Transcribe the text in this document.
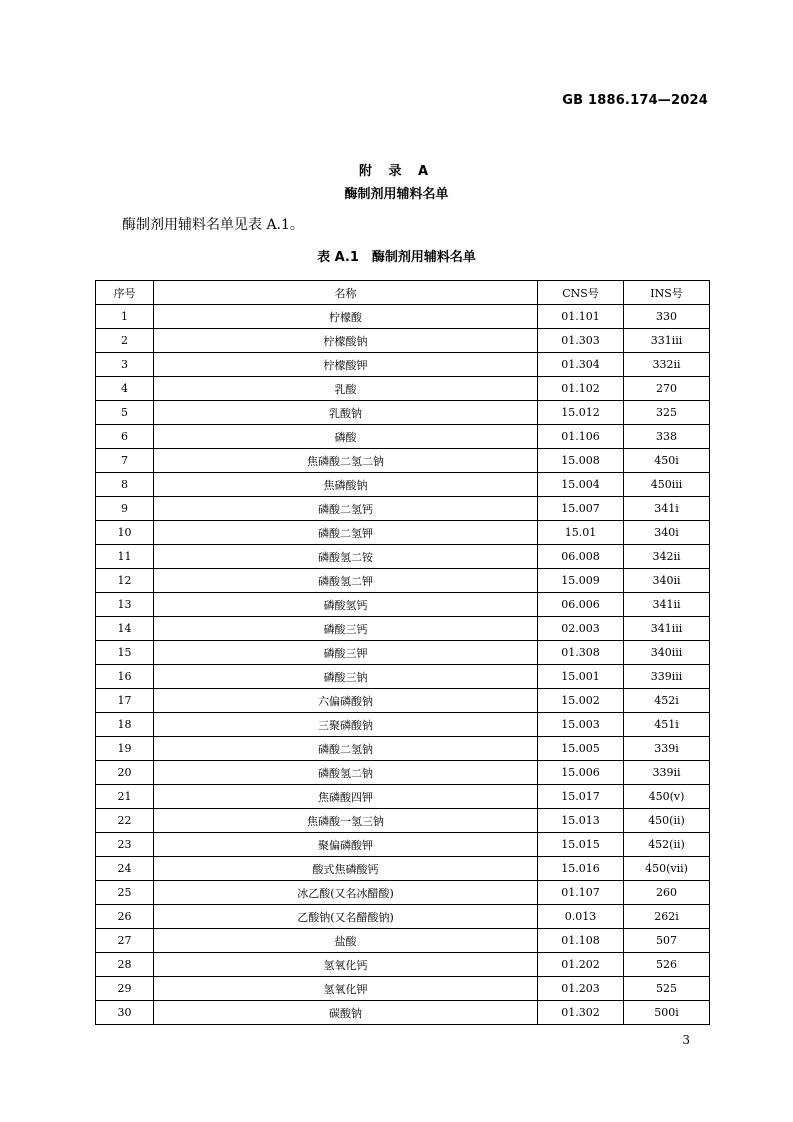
GB 1886.174—2024
附 录 A
酶制剂用辅料名单
酶制剂用辅料名单见表 A.1。
表 A.1　酶制剂用辅料名单
序号	名称	CNS号	INS号
1	柠檬酸	01.101	330
2	柠檬酸钠	01.303	331iii
3	柠檬酸钾	01.304	332ii
4	乳酸	01.102	270
5	乳酸钠	15.012	325
6	磷酸	01.106	338
7	焦磷酸二氢二钠	15.008	450i
8	焦磷酸钠	15.004	450iii
9	磷酸二氢钙	15.007	341i
10	磷酸二氢钾	15.01	340i
11	磷酸氢二铵	06.008	342ii
12	磷酸氢二钾	15.009	340ii
13	磷酸氢钙	06.006	341ii
14	磷酸三钙	02.003	341iii
15	磷酸三钾	01.308	340iii
16	磷酸三钠	15.001	339iii
17	六偏磷酸钠	15.002	452i
18	三聚磷酸钠	15.003	451i
19	磷酸二氢钠	15.005	339i
20	磷酸氢二钠	15.006	339ii
21	焦磷酸四钾	15.017	450(v)
22	焦磷酸一氢三钠	15.013	450(ii)
23	聚偏磷酸钾	15.015	452(ii)
24	酸式焦磷酸钙	15.016	450(vii)
25	冰乙酸(又名冰醋酸)	01.107	260
26	乙酸钠(又名醋酸钠)	0.013	262i
27	盐酸	01.108	507
28	氢氧化钙	01.202	526
29	氢氧化钾	01.203	525
30	碳酸钠	01.302	500i
3
